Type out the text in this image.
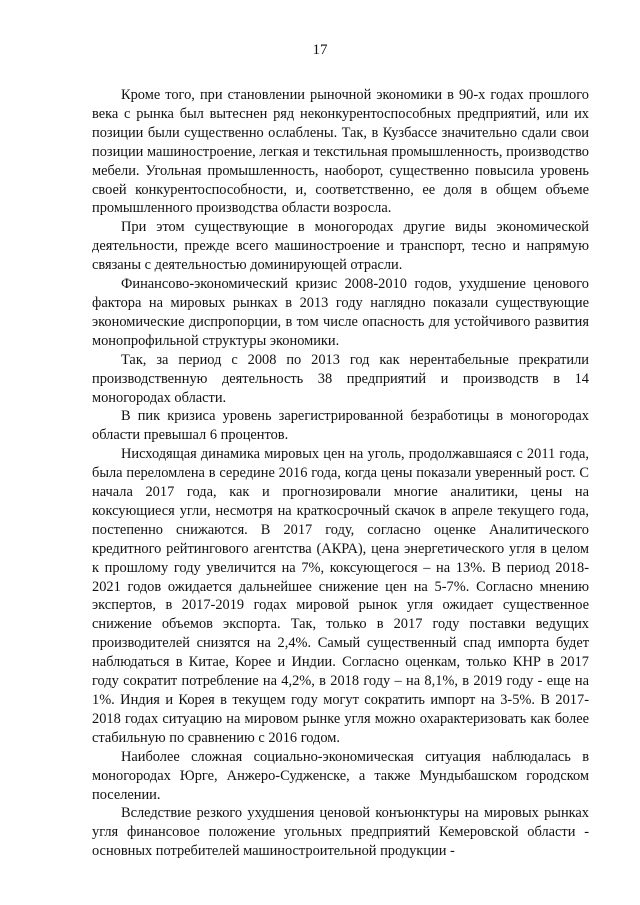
17

Кроме того, при становлении рыночной экономики в 90-х годах прошлого века с рынка был вытеснен ряд неконкурентоспособных предприятий, или их позиции были существенно ослаблены. Так, в Кузбассе значительно сдали свои позиции машиностроение, легкая и текстильная промышленность, производство мебели. Угольная промышленность, наоборот, существенно повысила уровень своей конкурентоспособности, и, соответственно, ее доля в общем объеме промышленного производства области возросла.

При этом существующие в моногородах другие виды экономической деятельности, прежде всего машиностроение и транспорт, тесно и напрямую связаны с деятельностью доминирующей отрасли.

Финансово-экономический кризис 2008-2010 годов, ухудшение ценового фактора на мировых рынках в 2013 году наглядно показали существующие экономические диспропорции, в том числе опасность для устойчивого развития монопрофильной структуры экономики.

Так, за период с 2008 по 2013 год как нерентабельные прекратили производственную деятельность 38 предприятий и производств в 14 моногородах области.

В пик кризиса уровень зарегистрированной безработицы в моногородах области превышал 6 процентов.

Нисходящая динамика мировых цен на уголь, продолжавшаяся с 2011 года, была переломлена в середине 2016 года, когда цены показали уверенный рост. С начала 2017 года, как и прогнозировали многие аналитики, цены на коксующиеся угли, несмотря на краткосрочный скачок в апреле текущего года, постепенно снижаются. В 2017 году, согласно оценке Аналитического кредитного рейтингового агентства (АКРА), цена энергетического угля в целом к прошлому году увеличится на 7%, коксующегося – на 13%. В период 2018-2021 годов ожидается дальнейшее снижение цен на 5-7%. Согласно мнению экспертов, в 2017-2019 годах мировой рынок угля ожидает существенное снижение объемов экспорта. Так, только в 2017 году поставки ведущих производителей снизятся на 2,4%. Самый существенный спад импорта будет наблюдаться в Китае, Корее и Индии. Согласно оценкам, только КНР в 2017 году сократит потребление на 4,2%, в 2018 году – на 8,1%, в 2019 году - еще на 1%. Индия и Корея в текущем году могут сократить импорт на 3-5%. В 2017-2018 годах ситуацию на мировом рынке угля можно охарактеризовать как более стабильную по сравнению с 2016 годом.

Наиболее сложная социально-экономическая ситуация наблюдалась в моногородах Юрге, Анжеро-Судженске, а также Мундыбашском городском поселении.

Вследствие резкого ухудшения ценовой конъюнктуры на мировых рынках угля финансовое положение угольных предприятий Кемеровской области - основных потребителей машиностроительной продукции -
